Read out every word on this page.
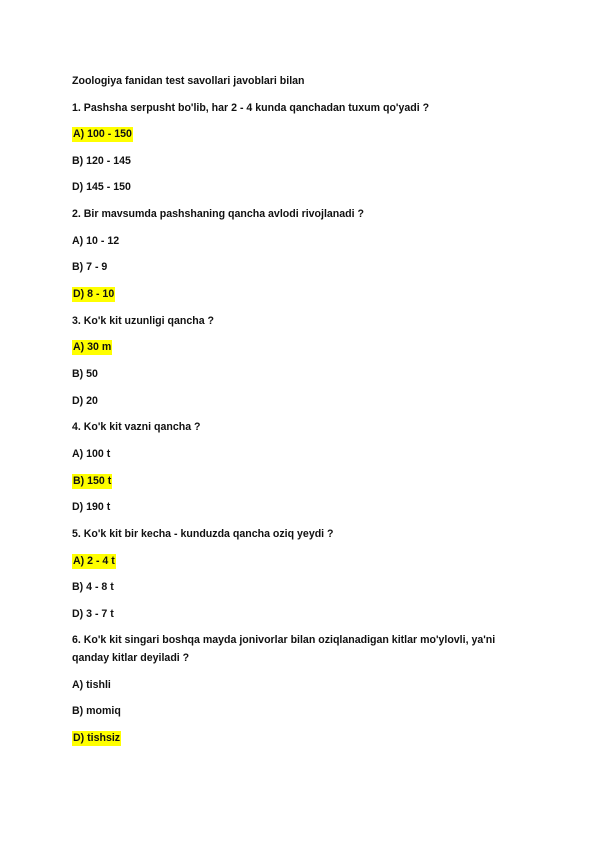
Zoologiya fanidan test savollari javoblari bilan
1. Pashsha serpusht bo'lib, har 2 - 4 kunda qanchadan tuxum qo'yadi ?
A) 100 - 150
B) 120 - 145
D) 145 - 150
2. Bir mavsumda pashshaning qancha avlodi rivojlanadi ?
A) 10 - 12
B) 7 - 9
D) 8 - 10
3. Ko'k kit uzunligi qancha ?
A) 30 m
B) 50
D) 20
4. Ko'k kit vazni qancha ?
A) 100 t
B) 150 t
D) 190 t
5. Ko'k kit bir kecha - kunduzda qancha oziq yeydi ?
A) 2 - 4 t
B) 4 - 8 t
D) 3 - 7 t
6. Ko'k kit singari boshqa mayda jonivorlar bilan oziqlanadigan kitlar mo'ylovli, ya'ni
qanday kitlar deyiladi ?
A) tishli
B) momiq
D) tishsiz
